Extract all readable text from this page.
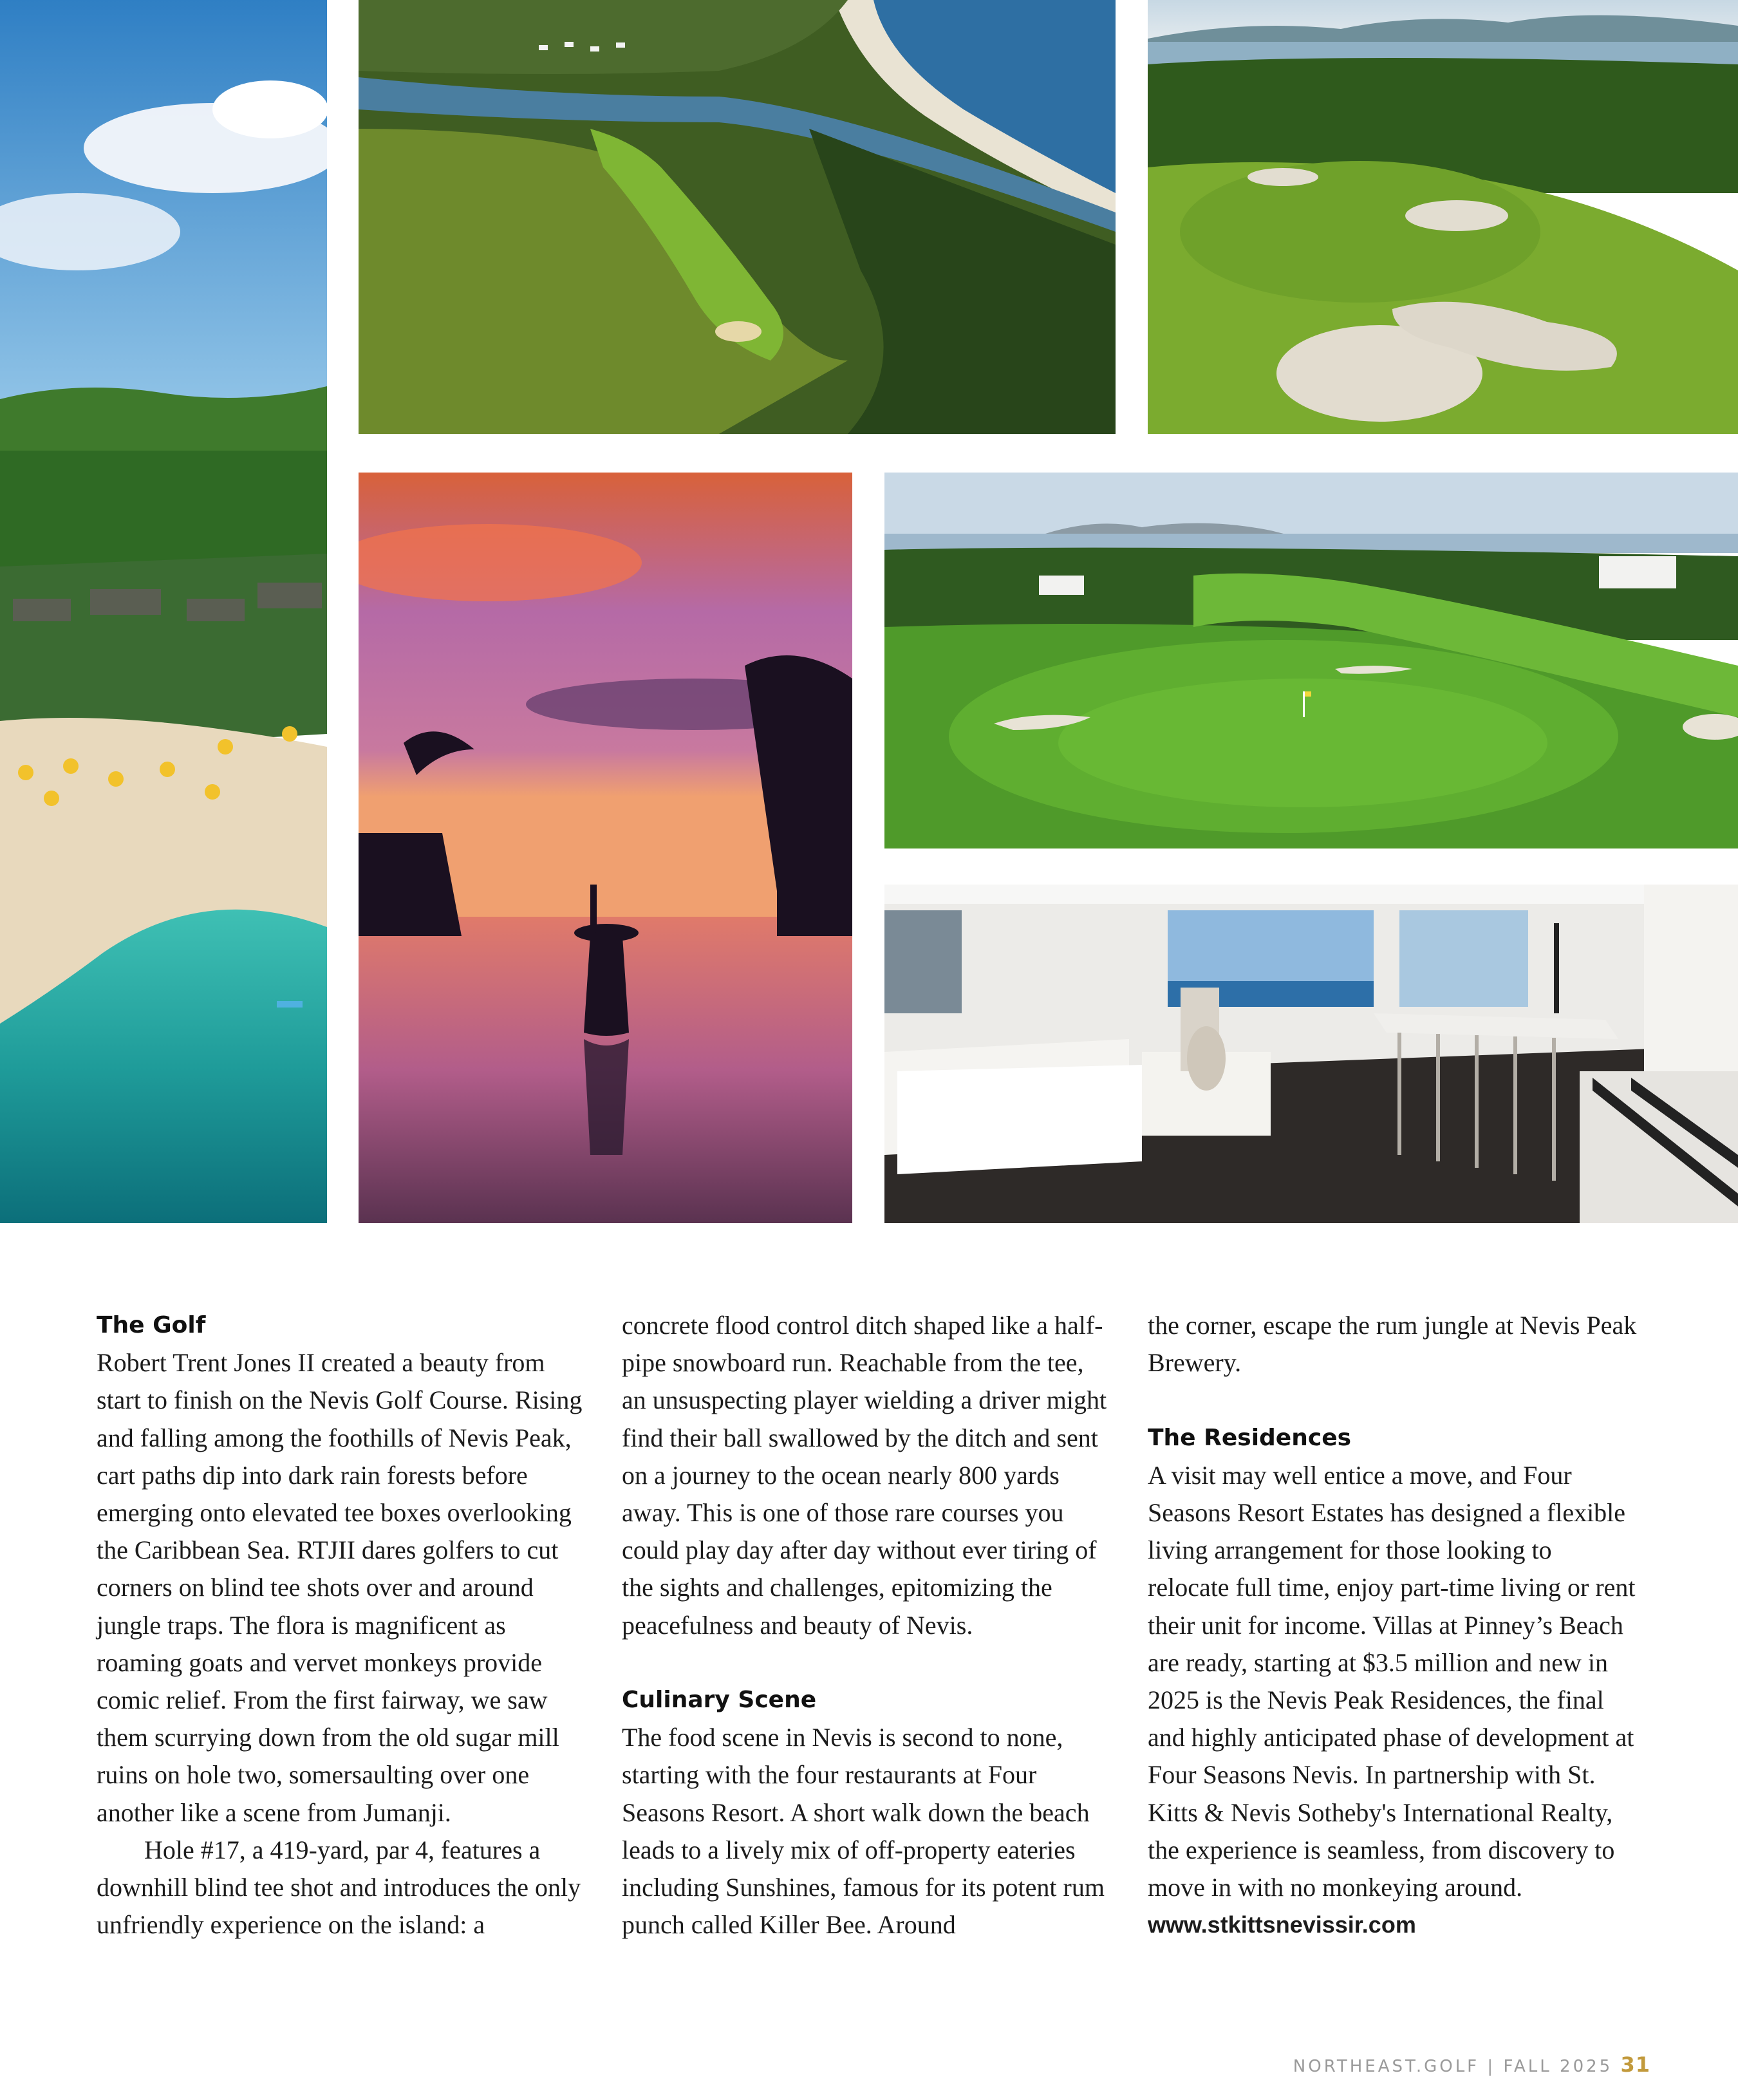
The Golf

Robert Trent Jones II created a beauty from start to finish on the Nevis Golf Course. Rising and falling among the foothills of Nevis Peak, cart paths dip into dark rain forests before emerging onto elevated tee boxes overlooking the Caribbean Sea. RTJII dares golfers to cut corners on blind tee shots over and around jungle traps. The flora is magnificent as roaming goats and vervet monkeys provide comic relief. From the first fairway, we saw them scurrying down from the old sugar mill ruins on hole two, somersaulting over one another like a scene from Jumanji.

Hole #17, a 419-yard, par 4, features a downhill blind tee shot and introduces the only unfriendly experience on the island: a

concrete flood control ditch shaped like a half-pipe snowboard run. Reachable from the tee, an unsuspecting player wielding a driver might find their ball swallowed by the ditch and sent on a journey to the ocean nearly 800 yards away. This is one of those rare courses you could play day after day without ever tiring of the sights and challenges, epitomizing the peacefulness and beauty of Nevis.

Culinary Scene

The food scene in Nevis is second to none, starting with the four restaurants at Four Seasons Resort. A short walk down the beach leads to a lively mix of off-property eateries including Sunshines, famous for its potent rum punch called Killer Bee. Around

the corner, escape the rum jungle at Nevis Peak Brewery.

The Residences

A visit may well entice a move, and Four Seasons Resort Estates has designed a flexible living arrangement for those looking to relocate full time, enjoy part-time living or rent their unit for income. Villas at Pinney’s Beach are ready, starting at $3.5 million and new in 2025 is the Nevis Peak Residences, the final and highly anticipated phase of development at Four Seasons Nevis. In partnership with St. Kitts & Nevis Sotheby's International Realty, the experience is seamless, from discovery to move in with no monkeying around.

www.stkittsnevissir.com

NORTHEAST.GOLF | FALL 2025 31
